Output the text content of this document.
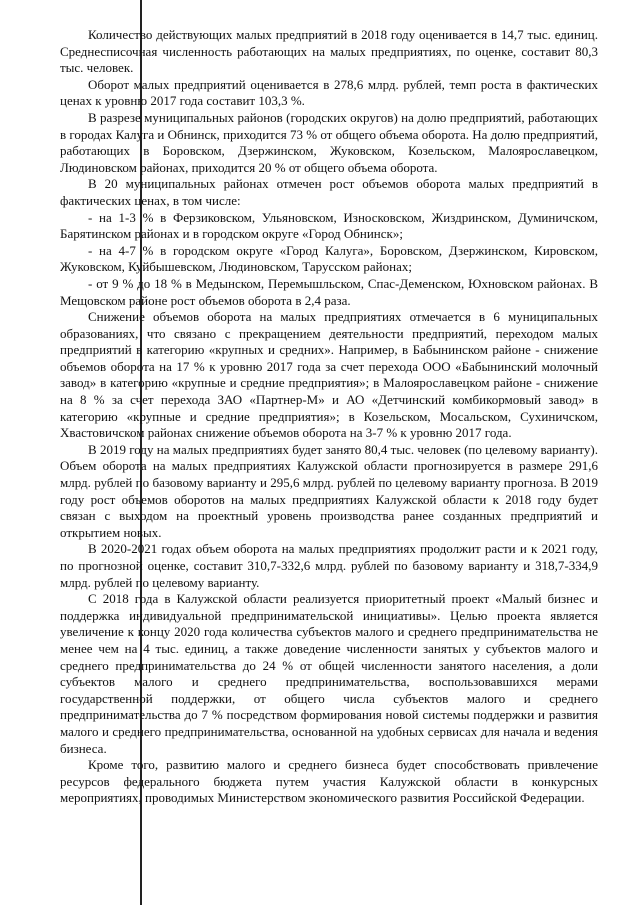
Количество действующих малых предприятий в 2018 году оценивается в 14,7 тыс. единиц. Среднесписочная численность работающих на малых предприятиях, по оценке, составит 80,3 тыс. человек.

Оборот малых предприятий оценивается в 278,6 млрд. рублей, темп роста в фактических ценах к уровню 2017 года составит 103,3 %.

В разрезе муниципальных районов (городских округов) на долю предприятий, работающих в городах Калуга и Обнинск, приходится 73 % от общего объема оборота. На долю предприятий, работающих в Боровском, Дзержинском, Жуковском, Козельском, Малоярославецком, Людиновском районах, приходится 20 % от общего объема оборота.

В 20 муниципальных районах отмечен рост объемов оборота малых предприятий в фактических ценах, в том числе:

- на 1-3 % в Ферзиковском, Ульяновском, Износковском, Жиздринском, Думиничском, Барятинском районах и в городском округе «Город Обнинск»;

- на 4-7 % в городском округе «Город Калуга», Боровском, Дзержинском, Кировском, Жуковском, Куйбышевском, Людиновском, Тарусском районах;

- от 9 % до 18 % в Медынском, Перемышльском, Спас-Деменском, Юхновском районах. В Мещовском районе рост объемов оборота в 2,4 раза.

Снижение объемов оборота на малых предприятиях отмечается в 6 муниципальных образованиях, что связано с прекращением деятельности предприятий, переходом малых предприятий в категорию «крупных и средних». Например, в Бабынинском районе - снижение объемов оборота на 17 % к уровню 2017 года за счет перехода ООО «Бабынинский молочный завод» в категорию «крупные и средние предприятия»; в Малоярославецком районе - снижение на 8 % за счет перехода ЗАО «Партнер-М» и АО «Детчинский комбикормовый завод» в категорию «крупные и средние предприятия»; в Козельском, Мосальском, Сухиничском, Хвастовичском районах снижение объемов оборота на 3-7 % к уровню 2017 года.

В 2019 году на малых предприятиях будет занято 80,4 тыс. человек (по целевому варианту). Объем оборота на малых предприятиях Калужской области прогнозируется в размере 291,6 млрд. рублей по базовому варианту и 295,6 млрд. рублей по целевому варианту прогноза. В 2019 году рост объемов оборотов на малых предприятиях Калужской области к 2018 году будет связан с выходом на проектный уровень производства ранее созданных предприятий и открытием новых.

В 2020-2021 годах объем оборота на малых предприятиях продолжит расти и к 2021 году, по прогнозной оценке, составит 310,7-332,6 млрд. рублей по базовому варианту и 318,7-334,9 млрд. рублей по целевому варианту.

С 2018 года в Калужской области реализуется приоритетный проект «Малый бизнес и поддержка индивидуальной предпринимательской инициативы». Целью проекта является увеличение к концу 2020 года количества субъектов малого и среднего предпринимательства не менее чем на 4 тыс. единиц, а также доведение численности занятых у субъектов малого и среднего предпринимательства до 24 % от общей численности занятого населения, а доли субъектов малого и среднего предпринимательства, воспользовавшихся мерами государственной поддержки, от общего числа субъектов малого и среднего предпринимательства до 7 % посредством формирования новой системы поддержки и развития малого и среднего предпринимательства, основанной на удобных сервисах для начала и ведения бизнеса.

Кроме того, развитию малого и среднего бизнеса будет способствовать привлечение ресурсов федерального бюджета путем участия Калужской области в конкурсных мероприятиях, проводимых Министерством экономического развития Российской Федерации.
